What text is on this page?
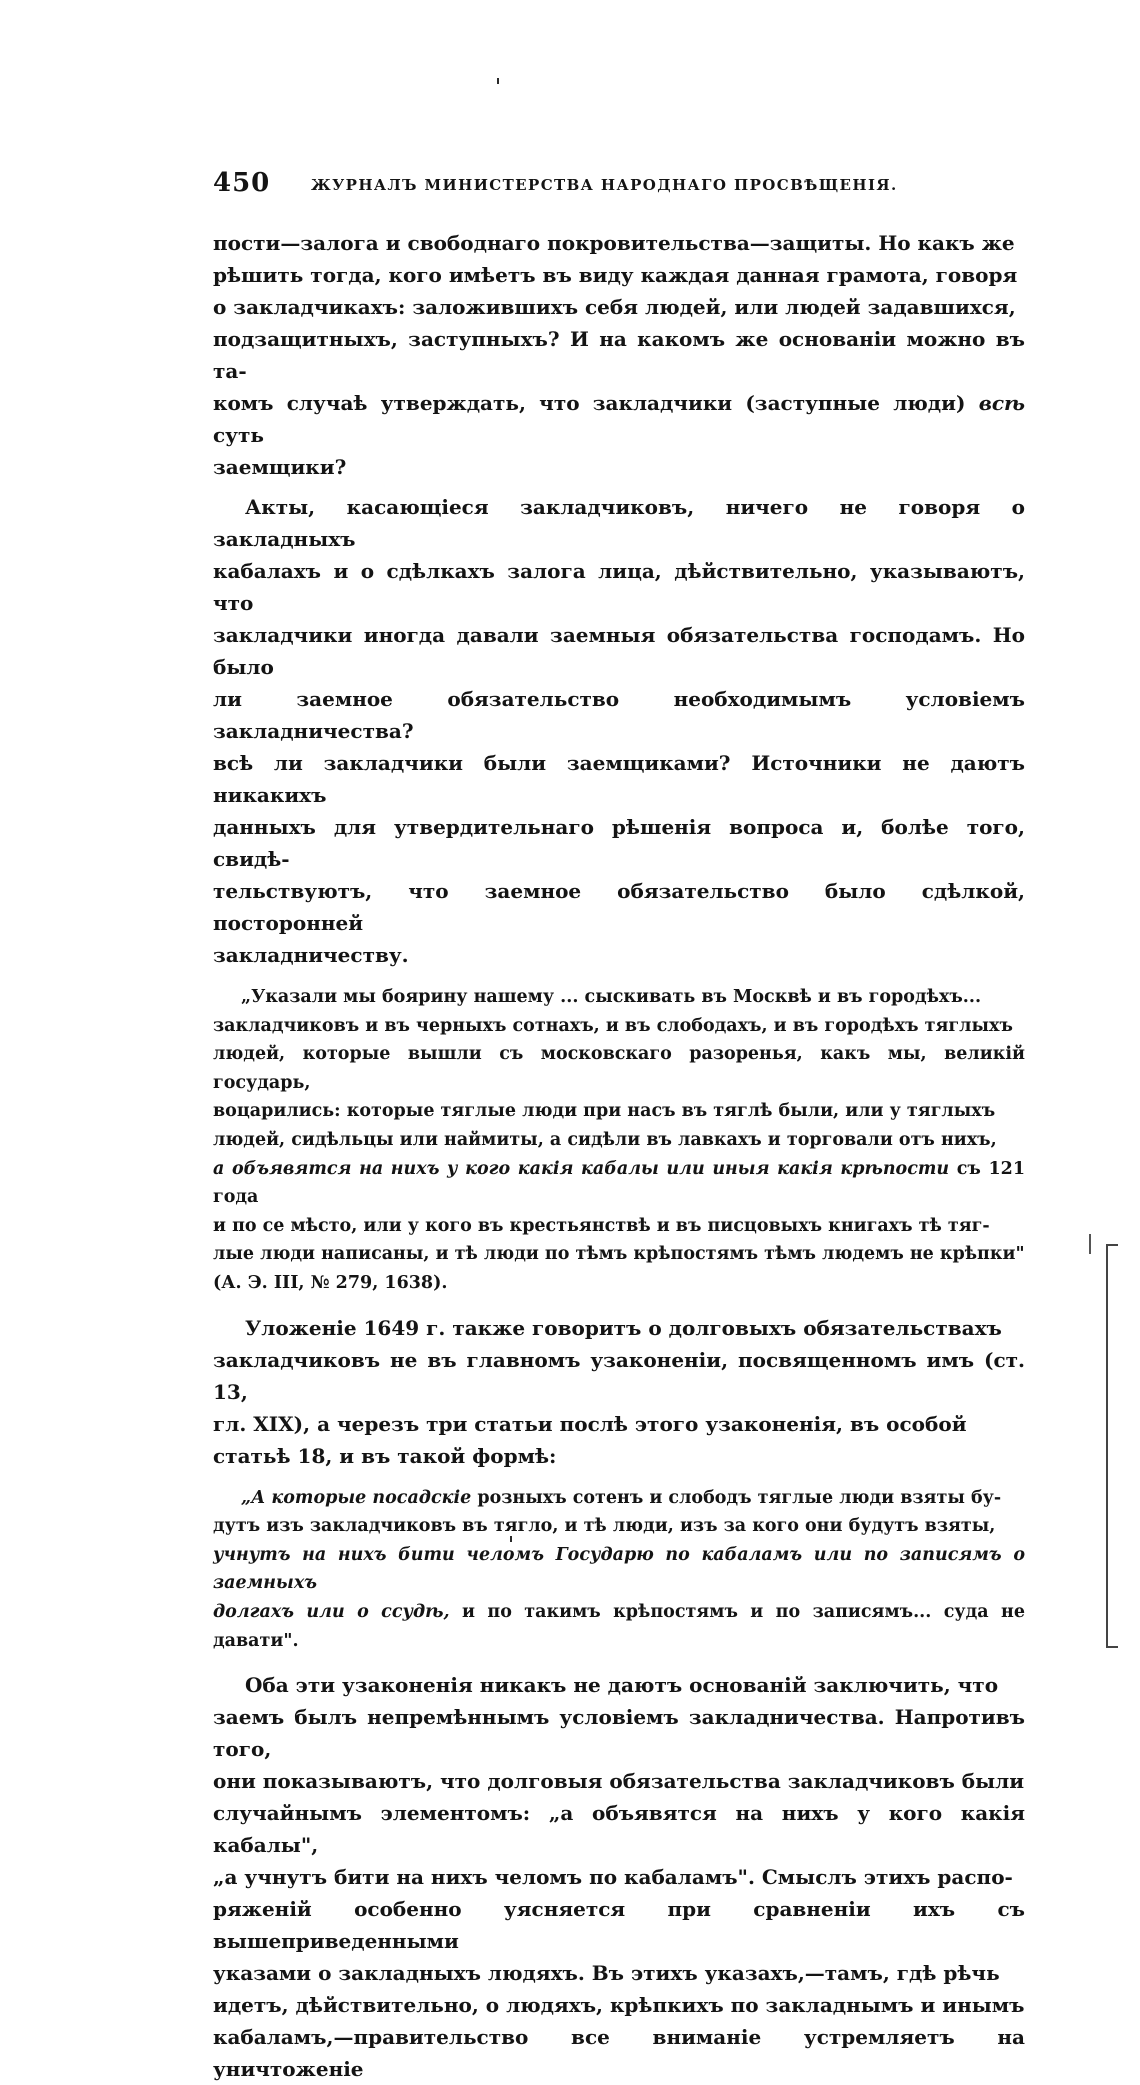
450	ЖУРНАЛЪ МИНИСТЕРСТВА НАРОДНАГО ПРОСВѢЩЕНІЯ.

пости—залога и свободнаго покровительства—защиты. Но какъ же
рѣшить тогда, кого имѣетъ въ виду каждая данная грамота, говоря
о закладчикахъ: заложившихъ себя людей, или людей задавшихся,
подзащитныхъ, заступныхъ? И на какомъ же основаніи можно въ та-
комъ случаѣ утверждать, что закладчики (заступные люди) всѣ суть
заемщики?

Акты, касающіеся закладчиковъ, ничего не говоря о закладныхъ
кабалахъ и о сдѣлкахъ залога лица, дѣйствительно, указываютъ, что
закладчики иногда давали заемныя обязательства господамъ. Но было
ли заемное обязательство необходимымъ условіемъ закладничества?
всѣ ли закладчики были заемщиками? Источники не даютъ никакихъ
данныхъ для утвердительнаго рѣшенія вопроса и, болѣе того, свидѣ-
тельствуютъ, что заемное обязательство было сдѣлкой, посторонней
закладничеству.

„Указали мы боярину нашему ... сыскивать въ Москвѣ и въ городѣхъ...
закладчиковъ и въ черныхъ сотнахъ, и въ слободахъ, и въ городѣхъ тяглыхъ
людей, которые вышли съ московскаго разоренья, какъ мы, великій государь,
воцарились: которые тяглые люди при насъ въ тяглѣ были, или у тяглыхъ
людей, сидѣльцы или наймиты, а сидѣли въ лавкахъ и торговали отъ нихъ,
а объявятся на нихъ у кого какія кабалы или иныя какія крѣпости съ 121 года
и по се мѣсто, или у кого въ крестьянствѣ и въ писцовыхъ книгахъ тѣ тяг-
лые люди написаны, и тѣ люди по тѣмъ крѣпостямъ тѣмъ людемъ не крѣпки"
(А. Э. III, № 279, 1638).

Уложеніе 1649 г. также говоритъ о долговыхъ обязательствахъ
закладчиковъ не въ главномъ узаконеніи, посвященномъ имъ (ст. 13,
гл. XIX), а черезъ три статьи послѣ этого узаконенія, въ особой
статьѣ 18, и въ такой формѣ:

„А которые посадскіе розныхъ сотенъ и слободъ тяглые люди взяты бу-
дутъ изъ закладчиковъ въ тягло, и тѣ люди, изъ за кого они будутъ взяты,
учнутъ на нихъ бити челомъ Государю по кабаламъ или по записямъ о заемныхъ
долгахъ или о ссудѣ, и по такимъ крѣпостямъ и по записямъ... суда не давати".

Оба эти узаконенія никакъ не даютъ основаній заключить, что
заемъ былъ непремѣннымъ условіемъ закладничества. Напротивъ того,
они показываютъ, что долговыя обязательства закладчиковъ были
случайнымъ элементомъ: „а объявятся на нихъ у кого какія кабалы",
„а учнутъ бити на нихъ челомъ по кабаламъ". Смыслъ этихъ распо-
ряженій особенно уясняется при сравненіи ихъ съ вышеприведенными
указами о закладныхъ людяхъ. Въ этихъ указахъ,—тамъ, гдѣ рѣчь
идетъ, дѣйствительно, о людяхъ, крѣпкихъ по закладнымъ и инымъ
кабаламъ,—правительство все вниманіе устремляетъ на уничтоженіе
